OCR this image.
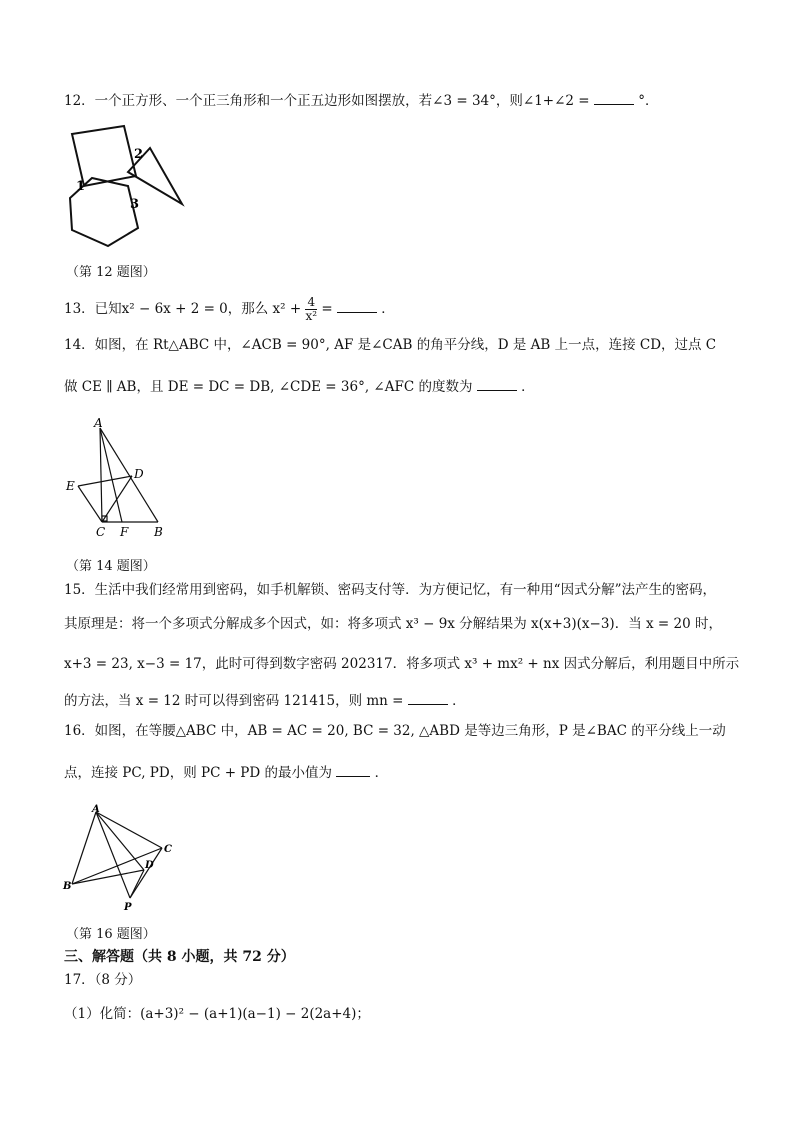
12．一个正方形、一个正三角形和一个正五边形如图摆放，若∠3 = 34°，则∠1+∠2 =	°．
2
1
3
（第 12 题图）
13．已知x² − 6x + 2 = 0，那么 $x^2 + \frac{4}{\text{x²}}$ =	．
14．如图，在 Rt△ABC 中，∠ACB = 90°, AF 是∠CAB 的角平分线，D 是 AB 上一点，连接 CD，过点 C
做 CE ∥ AB，且 DE = DC = DB, ∠CDE = 36°, ∠AFC 的度数为	．
A
E
D
C F B
（第 14 题图）
15．生活中我们经常用到密码，如手机解锁、密码支付等．为方便记忆，有一种用“因式分解”法产生的密码，
其原理是：将一个多项式分解成多个因式，如：将多项式 x³ − 9x 分解结果为 x(x+3)(x−3)．当 x = 20 时，
x+3 = 23, x−3 = 17，此时可得到数字密码 202317．将多项式 x³ + mx² + nx 因式分解后，利用题目中所示
的方法，当 x = 12 时可以得到密码 121415，则 mn =	．
16．如图，在等腰△ABC 中，AB = AC = 20, BC = 32, △ABD 是等边三角形，P 是∠BAC 的平分线上一动
点，连接 PC, PD，则 PC + PD 的最小值为	．
A
C
D
B
P
（第 16 题图）
三、解答题（共 8 小题，共 72 分）
17．（8 分）
（1）化简：(a+3)² − (a+1)(a−1) − 2(2a+4)；
